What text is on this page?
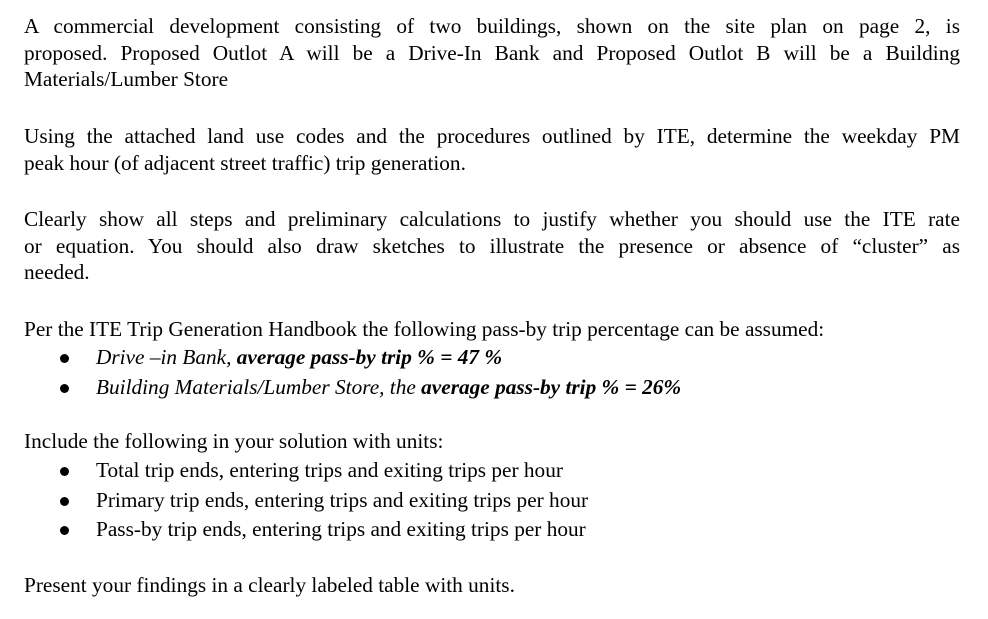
A commercial development consisting of two buildings, shown on the site plan on page 2, is
proposed. Proposed Outlot A will be a Drive-In Bank and Proposed Outlot B will be a Building
Materials/Lumber Store
Using the attached land use codes and the procedures outlined by ITE, determine the weekday PM
peak hour (of adjacent street traffic) trip generation.
Clearly show all steps and preliminary calculations to justify whether you should use the ITE rate
or equation. You should also draw sketches to illustrate the presence or absence of “cluster” as
needed.
Per the ITE Trip Generation Handbook the following pass-by trip percentage can be assumed:
Drive –in Bank, average pass-by trip % = 47 %
Building Materials/Lumber Store, the average pass-by trip % = 26%
Include the following in your solution with units:
Total trip ends, entering trips and exiting trips per hour
Primary trip ends, entering trips and exiting trips per hour
Pass-by trip ends, entering trips and exiting trips per hour
Present your findings in a clearly labeled table with units.
